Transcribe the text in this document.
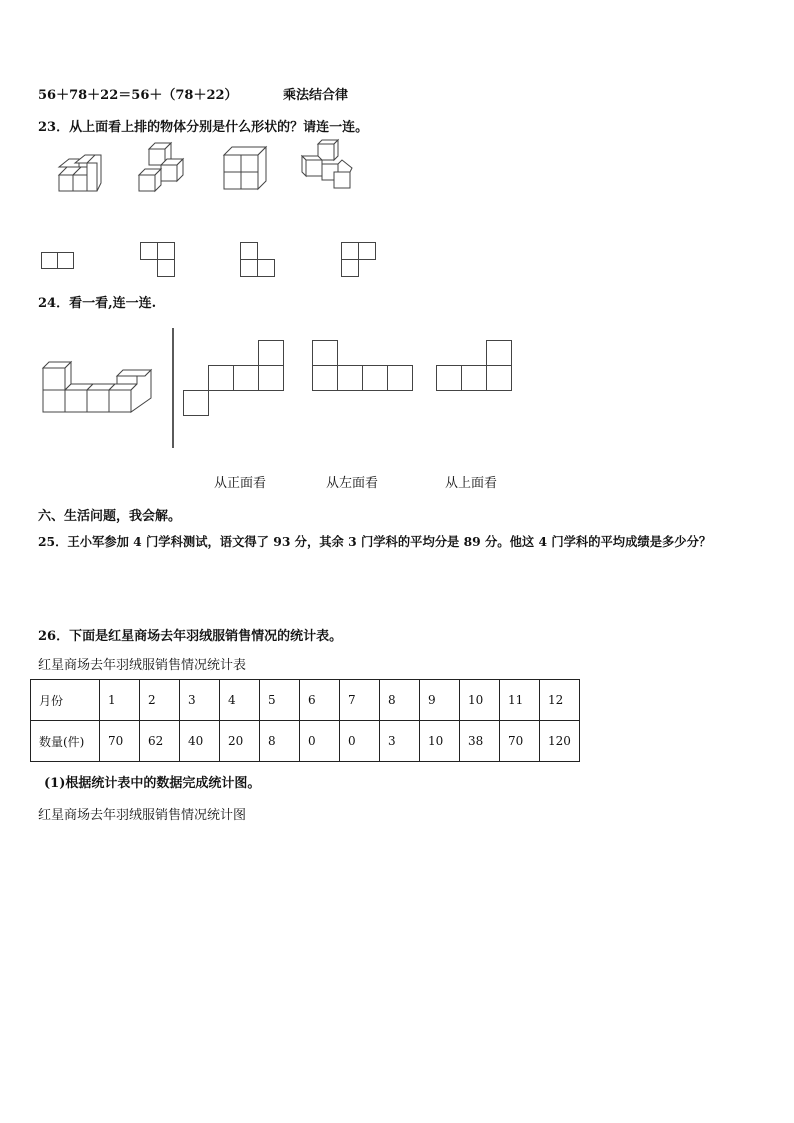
56＋78＋22＝56＋（78＋22）	乘法结合律
23．从上面看上排的物体分别是什么形状的？请连一连。
24．看一看,连一连.
从正面看	从左面看	从上面看
六、生活问题，我会解。
25．王小军参加 4 门学科测试，语文得了 93 分，其余 3 门学科的平均分是 89 分。他这 4 门学科的平均成绩是多少分？
26．下面是红星商场去年羽绒服销售情况的统计表。
红星商场去年羽绒服销售情况统计表
月份	1	2	3	4	5	6	7	8	9	10	11	12
数量(件)	70	62	40	20	8	0	0	3	10	38	70	120
(1)根据统计表中的数据完成统计图。
红星商场去年羽绒服销售情况统计图
